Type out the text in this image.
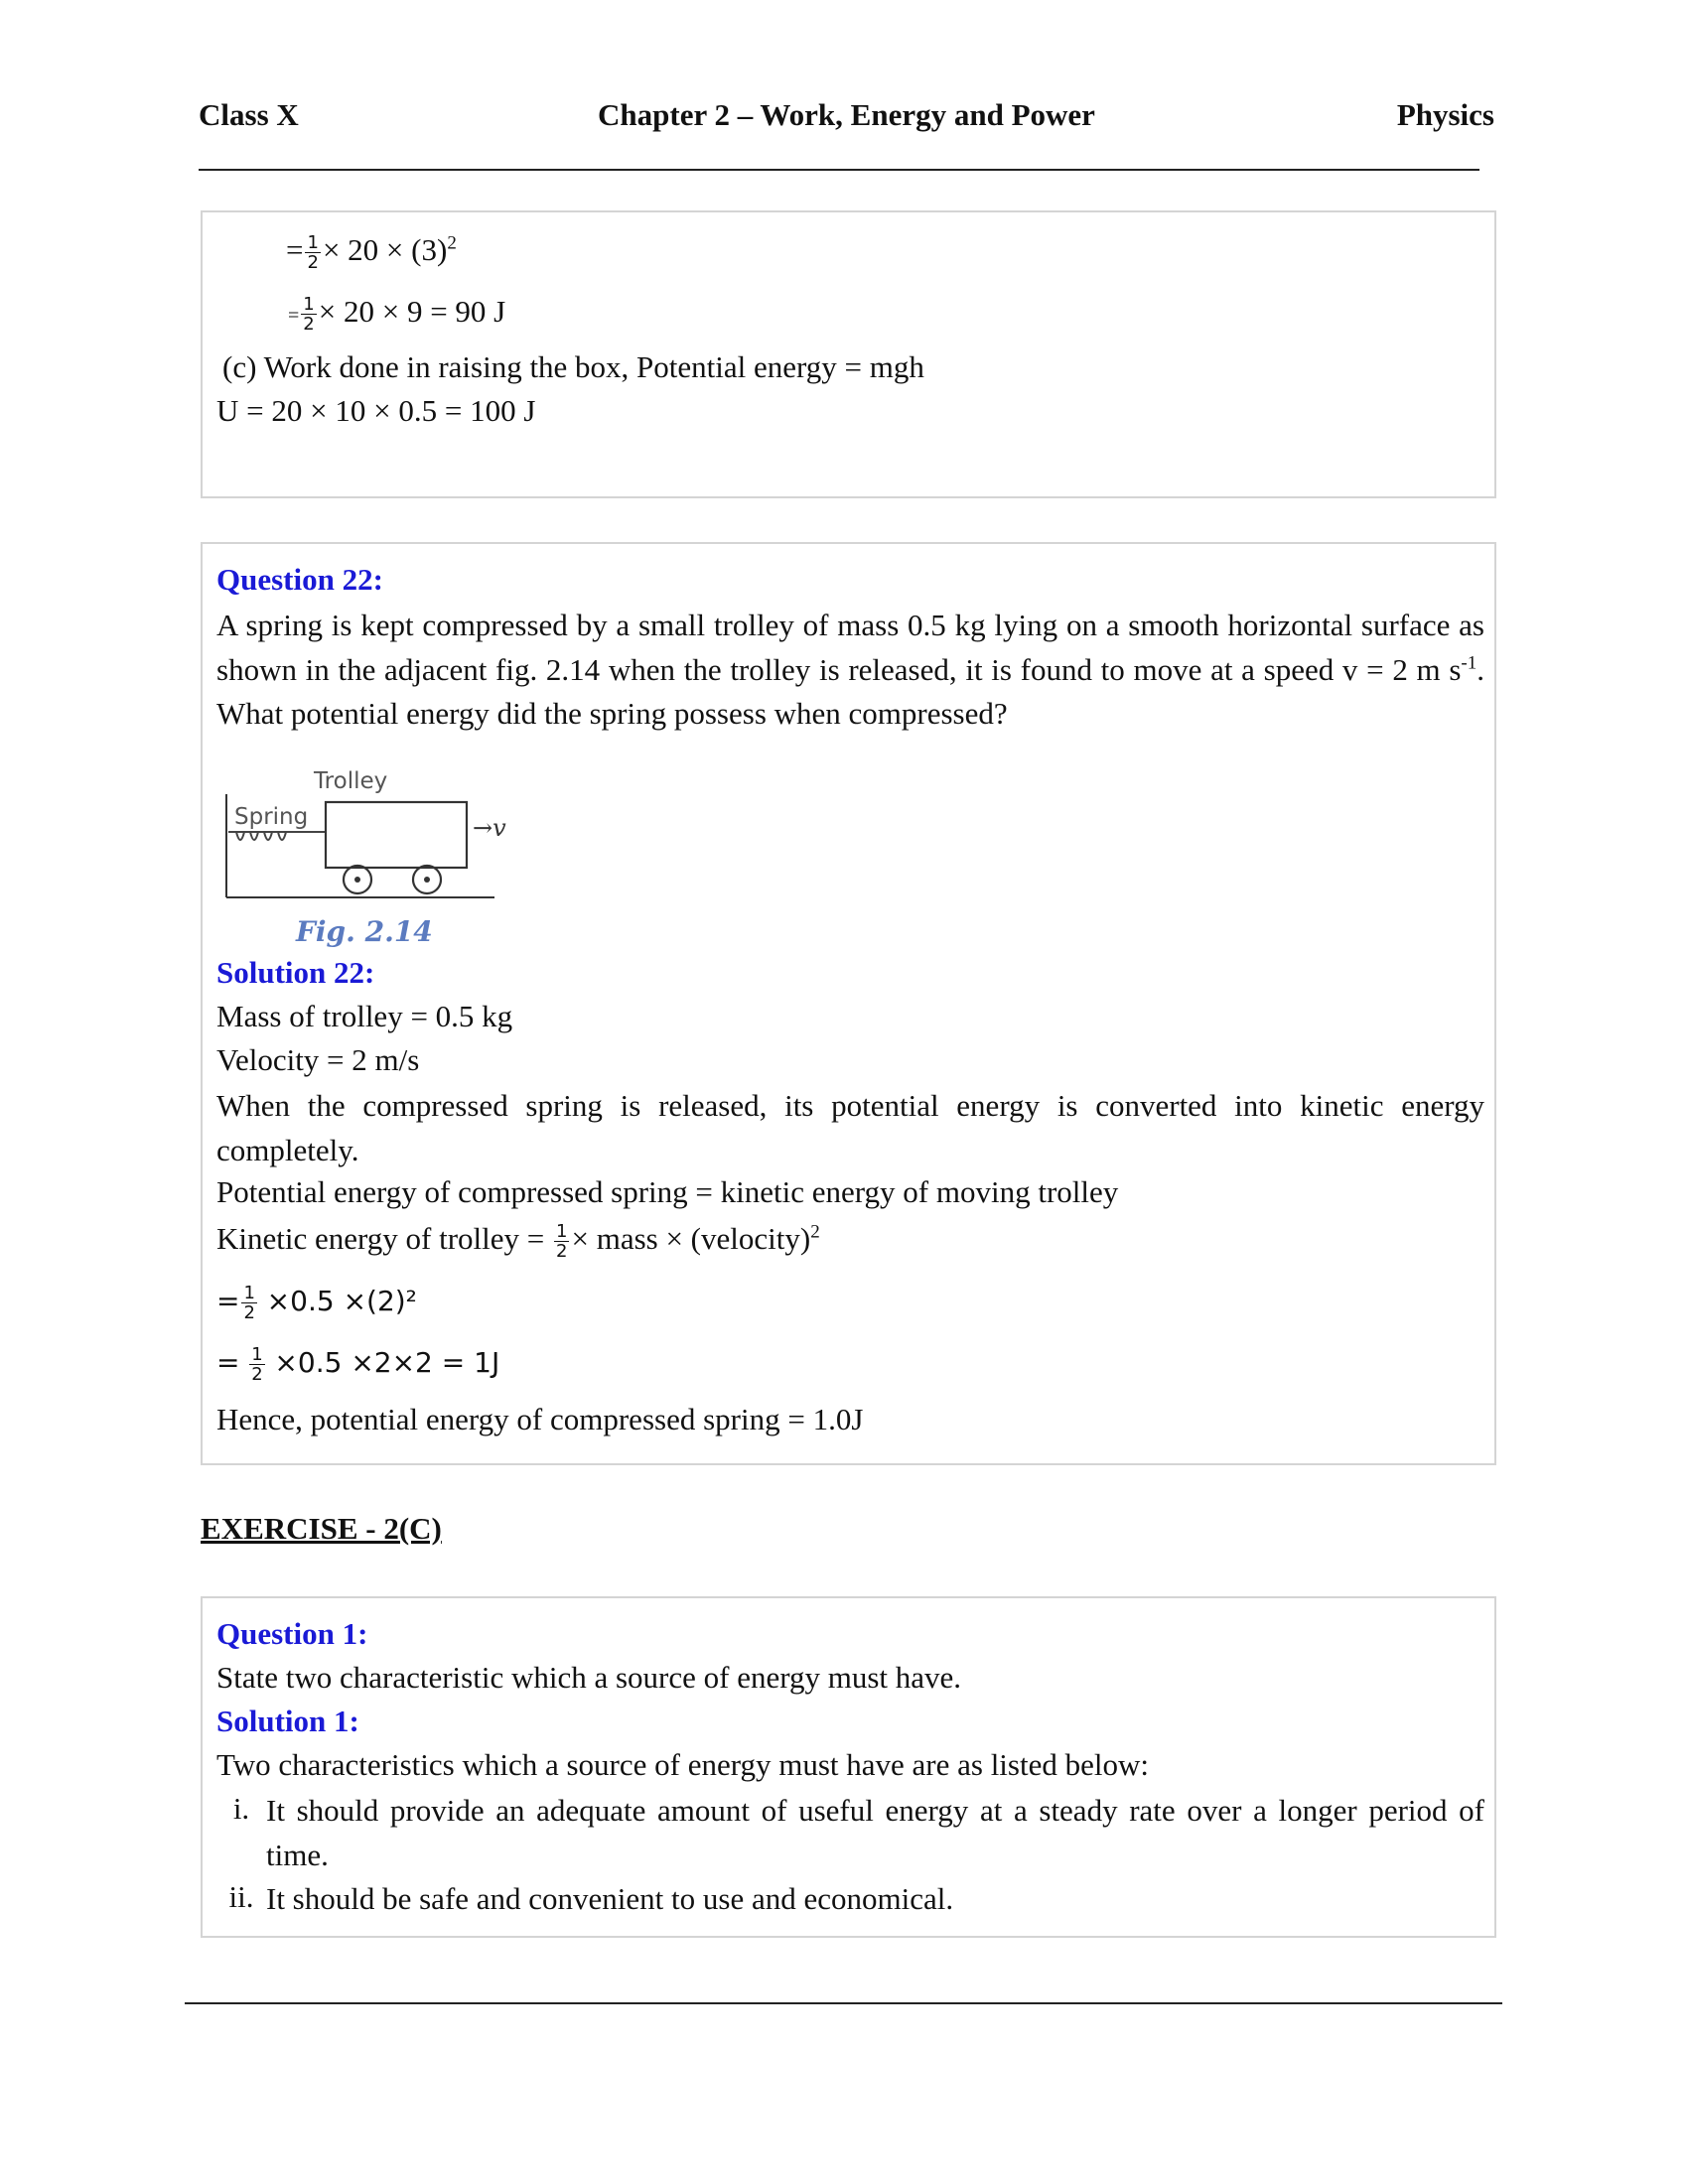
Class X	Chapter 2 – Work, Energy and Power	Physics
= $\frac{1}{2} \times 20 \times (3)^2$
= $\frac{1}{2} \times 20 \times 9 = 90$ J
(c) Work done in raising the box, Potential energy = mgh
U = 20 × 10 × 0.5 = 100 J
Question 22:
A spring is kept compressed by a small trolley of mass 0.5 kg lying on a smooth horizontal surface as shown in the adjacent fig. 2.14 when the trolley is released, it is found to move at a speed v = 2 m $s^{-1}$. What potential energy did the spring possess when compressed?
Trolley
Spring	→v
Fig. 2.14
Solution 22:
Mass of trolley = 0.5 kg
Velocity = 2 m/s
When the compressed spring is released, its potential energy is converted into kinetic energy completely.
Potential energy of compressed spring = kinetic energy of moving trolley
Kinetic energy of trolley = $\frac{1}{2}$ × mass × (velocity)$^2$
= $\frac{1}{2} \times 0.5 \times(2)^2$
= $\frac{1}{2} \times 0.5 \times 2\times 2 = 1J$
Hence, potential energy of compressed spring = 1.0J
EXERCISE - 2(C)
Question 1:
State two characteristic which a source of energy must have.
Solution 1:
Two characteristics which a source of energy must have are as listed below:
i. It should provide an adequate amount of useful energy at a steady rate over a longer period of time.
ii. It should be safe and convenient to use and economical.
